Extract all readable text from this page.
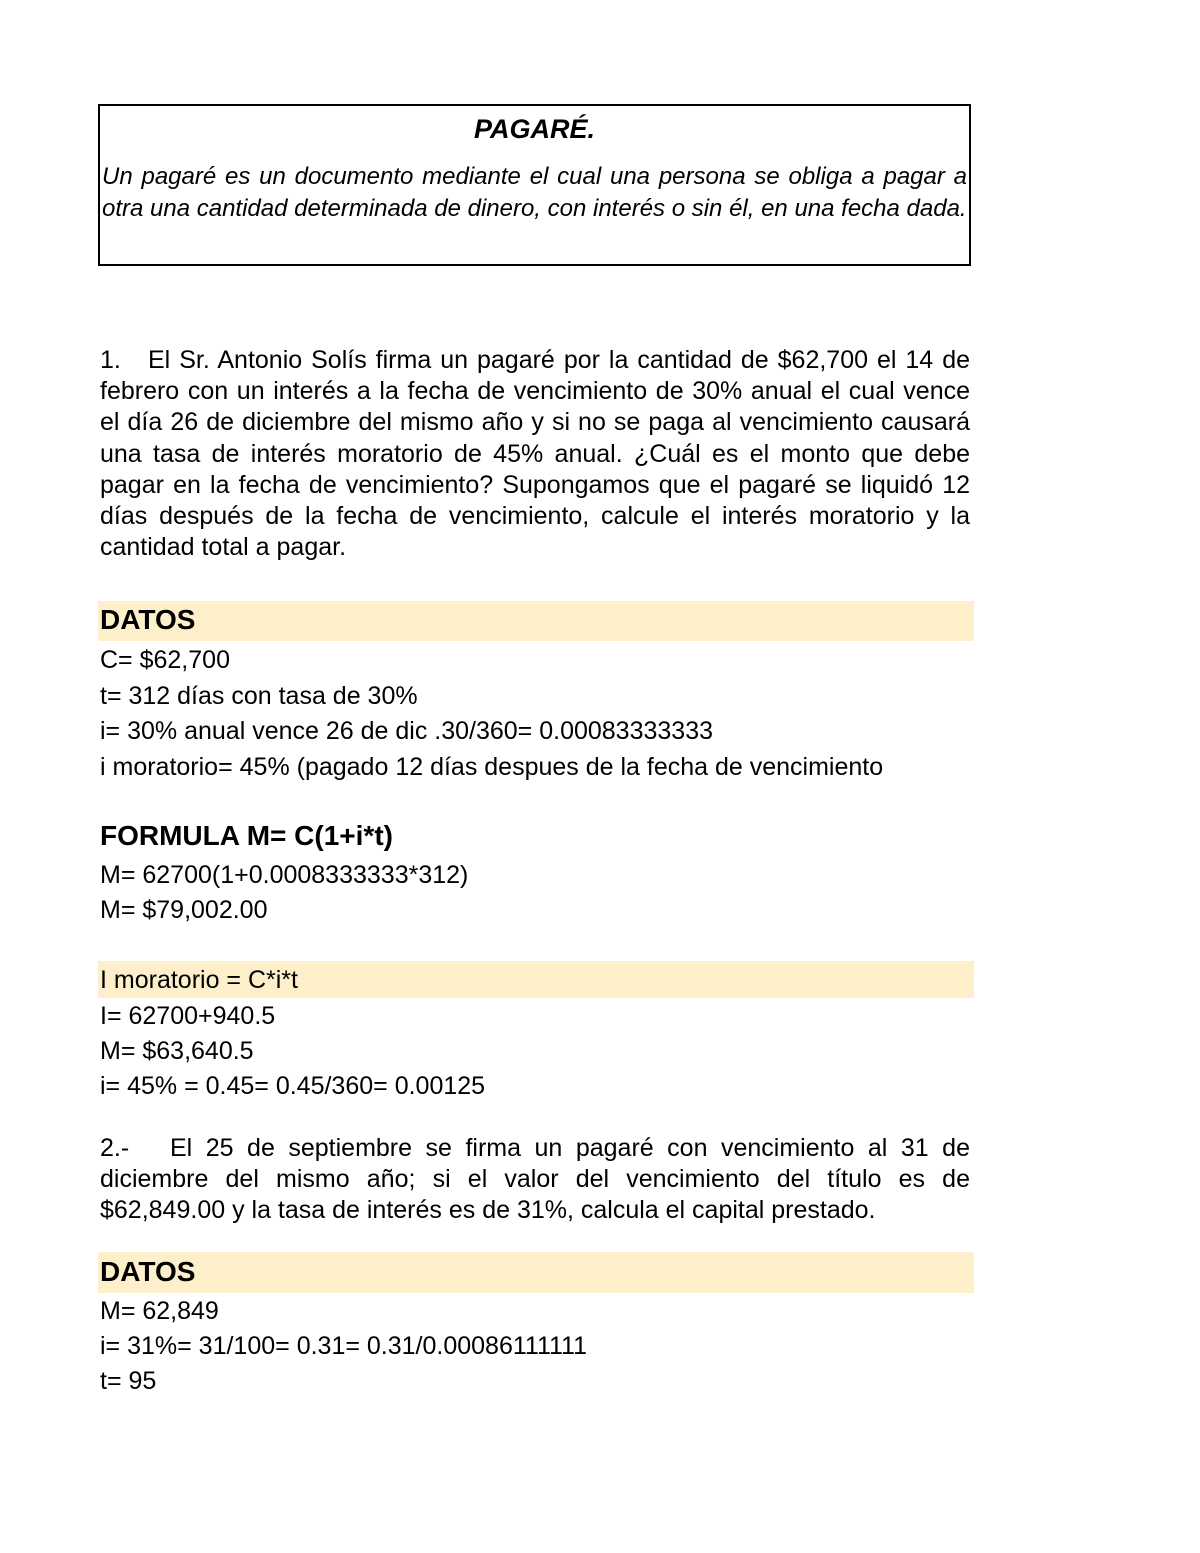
PAGARÉ.
Un pagaré es un documento mediante el cual una persona se obliga a pagar a otra una cantidad determinada de dinero, con interés o sin él, en una fecha dada.

1. El Sr. Antonio Solís firma un pagaré por la cantidad de $62,700 el 14 de febrero con un interés a la fecha de vencimiento de 30% anual el cual vence el día 26 de diciembre del mismo año y si no se paga al vencimiento causará una tasa de interés moratorio de 45% anual. ¿Cuál es el monto que debe pagar en la fecha de vencimiento? Supongamos que el pagaré se liquidó 12 días después de la fecha de vencimiento, calcule el interés moratorio y la cantidad total a pagar.

DATOS
C= $62,700
t= 312 días con tasa de 30%
i= 30% anual vence 26 de dic .30/360= 0.00083333333
i moratorio= 45% (pagado 12 días despues de la fecha de vencimiento
FORMULA M= C(1+i*t)
M= 62700(1+0.0008333333*312)
M= $79,002.00
I moratorio = C*i*t
I= 62700+940.5
M= $63,640.5
i= 45% = 0.45= 0.45/360= 0.00125

2.- El 25 de septiembre se firma un pagaré con vencimiento al 31 de diciembre del mismo año; si el valor del vencimiento del título es de $62,849.00 y la tasa de interés es de 31%, calcula el capital prestado.

DATOS
M= 62,849
i= 31%= 31/100= 0.31= 0.31/0.00086111111
t= 95
